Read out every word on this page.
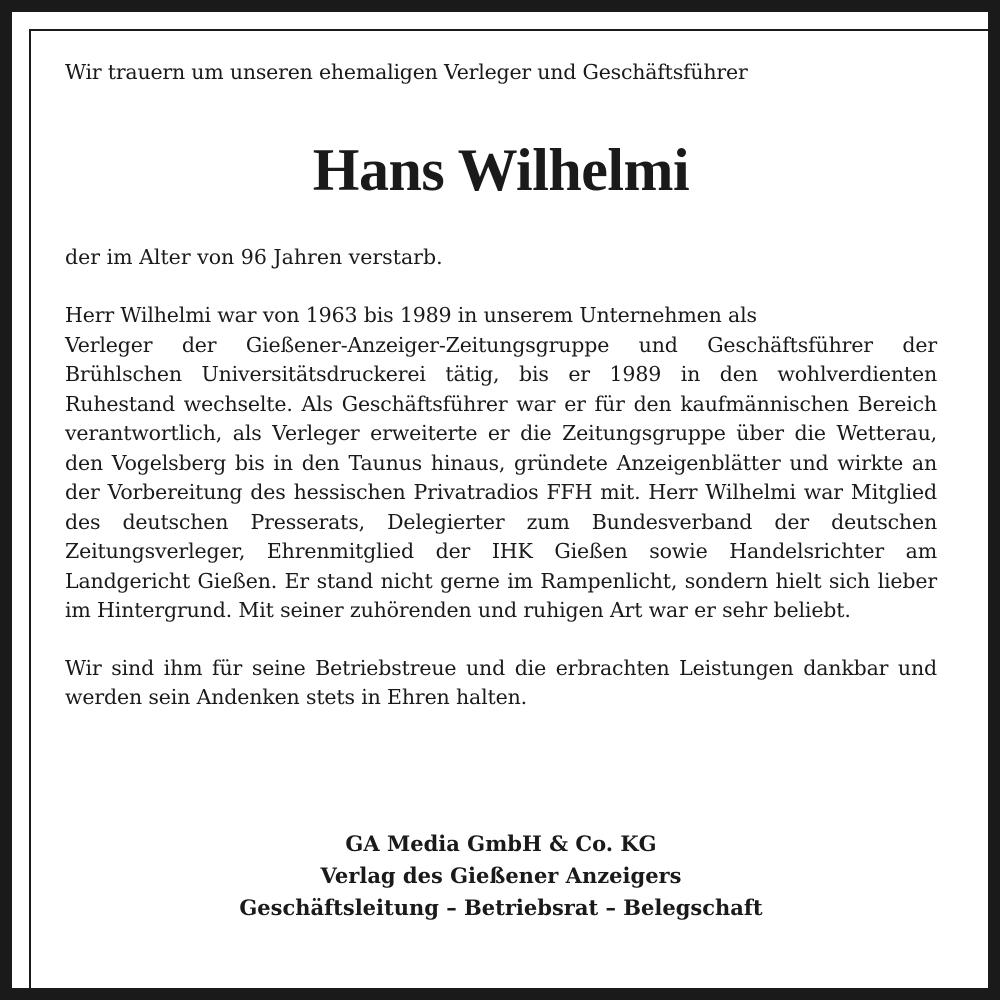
Wir trauern um unseren ehemaligen Verleger und Geschäftsführer

Hans Wilhelmi

der im Alter von 96 Jahren verstarb.

Herr Wilhelmi war von 1963 bis 1989 in unserem Unternehmen als

Verleger der Gießener-Anzeiger-Zeitungsgruppe und Geschäftsführer der Brühlschen Universitätsdruckerei tätig, bis er 1989 in den wohlverdienten Ruhestand wechselte. Als Geschäftsführer war er für den kaufmännischen Bereich verantwortlich, als Verleger erweiterte er die Zeitungsgruppe über die Wetterau, den Vogelsberg bis in den Taunus hinaus, gründete Anzeigenblätter und wirkte an der Vorbereitung des hessischen Privatradios FFH mit. Herr Wilhelmi war Mitglied des deutschen Presserats, Delegierter zum Bundesverband der deutschen Zeitungsverleger, Ehrenmitglied der IHK Gießen sowie Handelsrichter am Landgericht Gießen. Er stand nicht gerne im Rampenlicht, sondern hielt sich lieber im Hintergrund. Mit seiner zuhörenden und ruhigen Art war er sehr beliebt.

Wir sind ihm für seine Betriebstreue und die erbrachten Leistungen dankbar und werden sein Andenken stets in Ehren halten.

GA Media GmbH & Co. KG
Verlag des Gießener Anzeigers
Geschäftsleitung – Betriebsrat – Belegschaft
